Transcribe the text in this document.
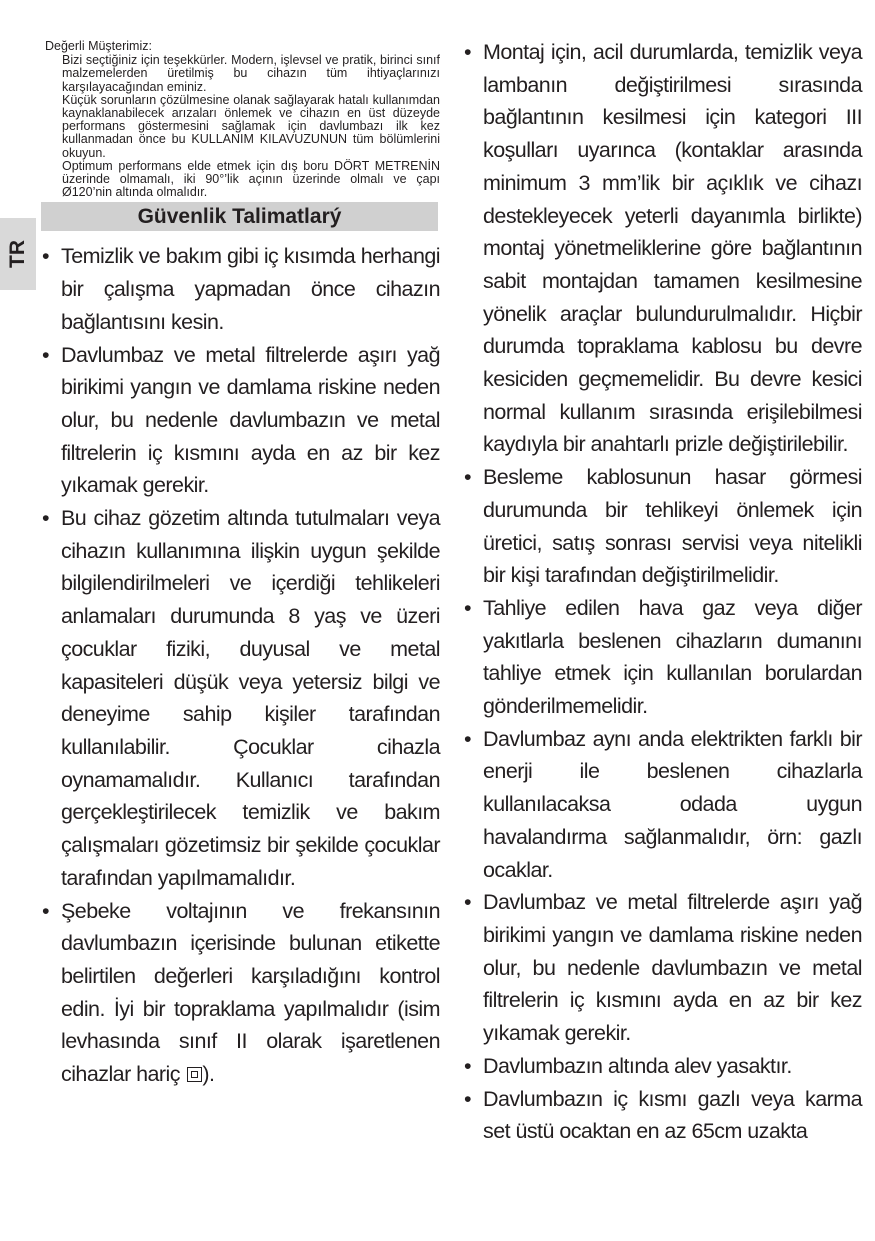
TR
Değerli Müşterimiz:

Bizi seçtiğiniz için teşekkürler. Modern, işlevsel ve pratik, birinci sınıf malzemelerden üretilmiş bu cihazın tüm ihtiyaçlarınızı karşılayacağından eminiz.

Küçük sorunların çözülmesine olanak sağlayarak hatalı kullanımdan kaynaklanabilecek arızaları önlemek ve cihazın en üst düzeyde performans göstermesini sağlamak için davlumbazı ilk kez kullanmadan önce bu KULLANIM KILAVUZUNUN tüm bölümlerini okuyun.

Optimum performans elde etmek için dış boru DÖRT METRENİN üzerinde olmamalı, iki 90°’lik açının üzerinde olmalı ve çapı Ø120’nin altında olmalıdır.

Güvenlik Talimatlarý
• Temizlik ve bakım gibi iç kısımda herhangi bir çalışma yapmadan önce cihazın bağlantısını kesin.
• Davlumbaz ve metal filtrelerde aşırı yağ birikimi yangın ve damlama riskine neden olur, bu nedenle davlumbazın ve metal filtrelerin iç kısmını ayda en az bir kez yıkamak gerekir.
• Bu cihaz gözetim altında tutulmaları veya cihazın kullanımına ilişkin uygun şekilde bilgilendirilmeleri ve içerdiği tehlikeleri anlamaları durumunda 8 yaş ve üzeri çocuklar fiziki, duyusal ve metal kapasiteleri düşük veya yetersiz bilgi ve deneyime sahip kişiler tarafından kullanılabilir. Çocuklar cihazla oynamamalıdır. Kullanıcı tarafından gerçekleştirilecek temizlik ve bakım çalışmaları gözetimsiz bir şekilde çocuklar tarafından yapılmamalıdır.
• Şebeke voltajının ve frekansının davlumbazın içerisinde bulunan etikette belirtilen değerleri karşıladığını kontrol edin. İyi bir topraklama yapılmalıdır (isim levhasında sınıf II olarak işaretlenen cihazlar hariç ).
• Montaj için, acil durumlarda, temizlik veya lambanın değiştirilmesi sırasında bağlantının kesilmesi için kategori III koşulları uyarınca (kontaklar arasında minimum 3 mm’lik bir açıklık ve cihazı destekleyecek yeterli dayanımla birlikte) montaj yönetmeliklerine göre bağlantının sabit montajdan tamamen kesilmesine yönelik araçlar bulundurulmalıdır. Hiçbir durumda topraklama kablosu bu devre kesiciden geçmemelidir. Bu devre kesici normal kullanım sırasında erişilebilmesi kaydıyla bir anahtarlı prizle değiştirilebilir.
• Besleme kablosunun hasar görmesi durumunda bir tehlikeyi önlemek için üretici, satış sonrası servisi veya nitelikli bir kişi tarafından değiştirilmelidir.
• Tahliye edilen hava gaz veya diğer yakıtlarla beslenen cihazların dumanını tahliye etmek için kullanılan borulardan gönderilmemelidir.
• Davlumbaz aynı anda elektrikten farklı bir enerji ile beslenen cihazlarla kullanılacaksa odada uygun havalandırma sağlanmalıdır, örn: gazlı ocaklar.
• Davlumbaz ve metal filtrelerde aşırı yağ birikimi yangın ve damlama riskine neden olur, bu nedenle davlumbazın ve metal filtrelerin iç kısmını ayda en az bir kez yıkamak gerekir.
• Davlumbazın altında alev yasaktır.
• Davlumbazın iç kısmı gazlı veya karma set üstü ocaktan en az 65cm uzakta
